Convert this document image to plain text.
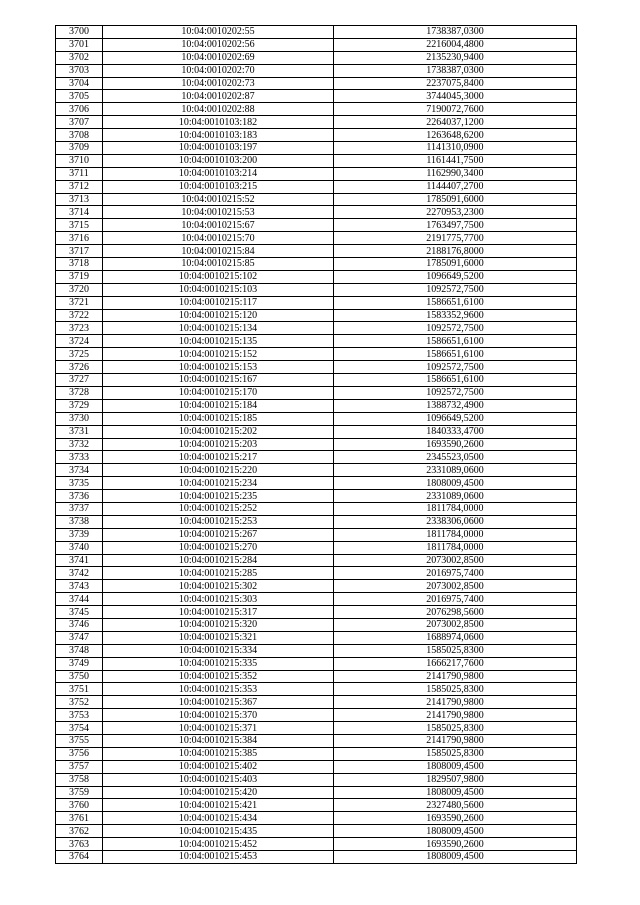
3700	10:04:0010202:55	1738387,0300
3701	10:04:0010202:56	2216004,4800
3702	10:04:0010202:69	2135230,9400
3703	10:04:0010202:70	1738387,0300
3704	10:04:0010202:73	2237075,8400
3705	10:04:0010202:87	3744045,3000
3706	10:04:0010202:88	7190072,7600
3707	10:04:0010103:182	2264037,1200
3708	10:04:0010103:183	1263648,6200
3709	10:04:0010103:197	1141310,0900
3710	10:04:0010103:200	1161441,7500
3711	10:04:0010103:214	1162990,3400
3712	10:04:0010103:215	1144407,2700
3713	10:04:0010215:52	1785091,6000
3714	10:04:0010215:53	2270953,2300
3715	10:04:0010215:67	1763497,7500
3716	10:04:0010215:70	2191775,7700
3717	10:04:0010215:84	2188176,8000
3718	10:04:0010215:85	1785091,6000
3719	10:04:0010215:102	1096649,5200
3720	10:04:0010215:103	1092572,7500
3721	10:04:0010215:117	1586651,6100
3722	10:04:0010215:120	1583352,9600
3723	10:04:0010215:134	1092572,7500
3724	10:04:0010215:135	1586651,6100
3725	10:04:0010215:152	1586651,6100
3726	10:04:0010215:153	1092572,7500
3727	10:04:0010215:167	1586651,6100
3728	10:04:0010215:170	1092572,7500
3729	10:04:0010215:184	1388732,4900
3730	10:04:0010215:185	1096649,5200
3731	10:04:0010215:202	1840333,4700
3732	10:04:0010215:203	1693590,2600
3733	10:04:0010215:217	2345523,0500
3734	10:04:0010215:220	2331089,0600
3735	10:04:0010215:234	1808009,4500
3736	10:04:0010215:235	2331089,0600
3737	10:04:0010215:252	1811784,0000
3738	10:04:0010215:253	2338306,0600
3739	10:04:0010215:267	1811784,0000
3740	10:04:0010215:270	1811784,0000
3741	10:04:0010215:284	2073002,8500
3742	10:04:0010215:285	2016975,7400
3743	10:04:0010215:302	2073002,8500
3744	10:04:0010215:303	2016975,7400
3745	10:04:0010215:317	2076298,5600
3746	10:04:0010215:320	2073002,8500
3747	10:04:0010215:321	1688974,0600
3748	10:04:0010215:334	1585025,8300
3749	10:04:0010215:335	1666217,7600
3750	10:04:0010215:352	2141790,9800
3751	10:04:0010215:353	1585025,8300
3752	10:04:0010215:367	2141790,9800
3753	10:04:0010215:370	2141790,9800
3754	10:04:0010215:371	1585025,8300
3755	10:04:0010215:384	2141790,9800
3756	10:04:0010215:385	1585025,8300
3757	10:04:0010215:402	1808009,4500
3758	10:04:0010215:403	1829507,9800
3759	10:04:0010215:420	1808009,4500
3760	10:04:0010215:421	2327480,5600
3761	10:04:0010215:434	1693590,2600
3762	10:04:0010215:435	1808009,4500
3763	10:04:0010215:452	1693590,2600
3764	10:04:0010215:453	1808009,4500
